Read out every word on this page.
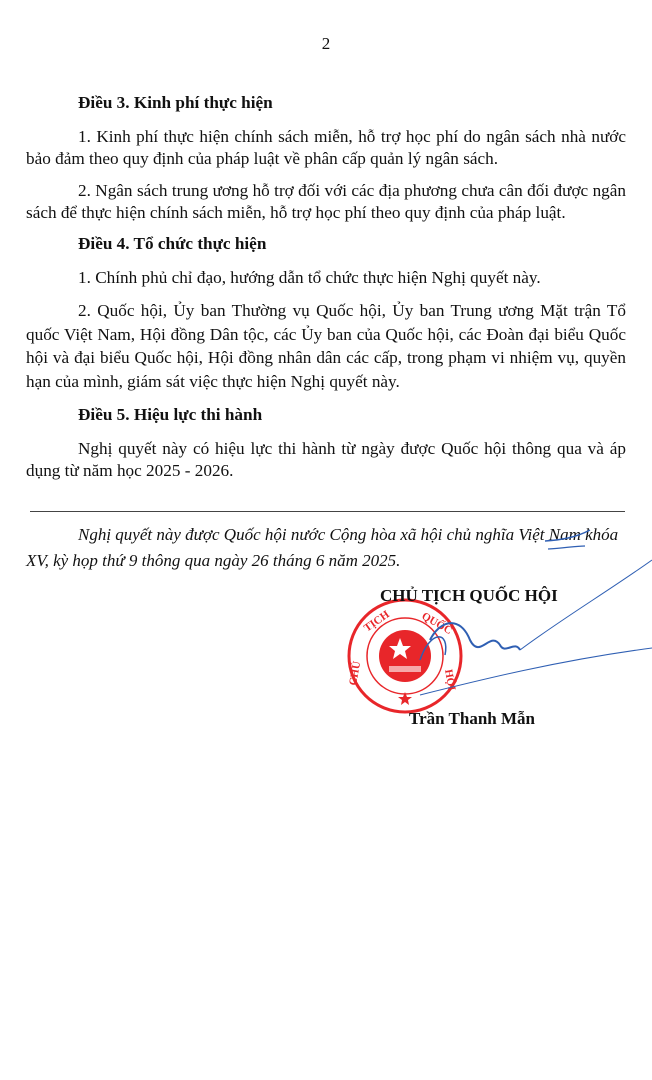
2
Điều 3. Kinh phí thực hiện
1. Kinh phí thực hiện chính sách miễn, hỗ trợ học phí do ngân sách nhà nước bảo đảm theo quy định của pháp luật về phân cấp quản lý ngân sách.
2. Ngân sách trung ương hỗ trợ đối với các địa phương chưa cân đối được ngân sách để thực hiện chính sách miễn, hỗ trợ học phí theo quy định của pháp luật.
Điều 4. Tổ chức thực hiện
1. Chính phủ chỉ đạo, hướng dẫn tổ chức thực hiện Nghị quyết này.
2. Quốc hội, Ủy ban Thường vụ Quốc hội, Ủy ban Trung ương Mặt trận Tổ quốc Việt Nam, Hội đồng Dân tộc, các Ủy ban của Quốc hội, các Đoàn đại biểu Quốc hội và đại biểu Quốc hội, Hội đồng nhân dân các cấp, trong phạm vi nhiệm vụ, quyền hạn của mình, giám sát việc thực hiện Nghị quyết này.
Điều 5. Hiệu lực thi hành
Nghị quyết này có hiệu lực thi hành từ ngày được Quốc hội thông qua và áp dụng từ năm học 2025 - 2026.
Nghị quyết này được Quốc hội nước Cộng hòa xã hội chủ nghĩa Việt Nam khóa XV, kỳ họp thứ 9 thông qua ngày 26 tháng 6 năm 2025.
TỊCH	QUỐC
CHỦ	HỘI
CHỦ TỊCH QUỐC HỘI
Trần Thanh Mẫn
